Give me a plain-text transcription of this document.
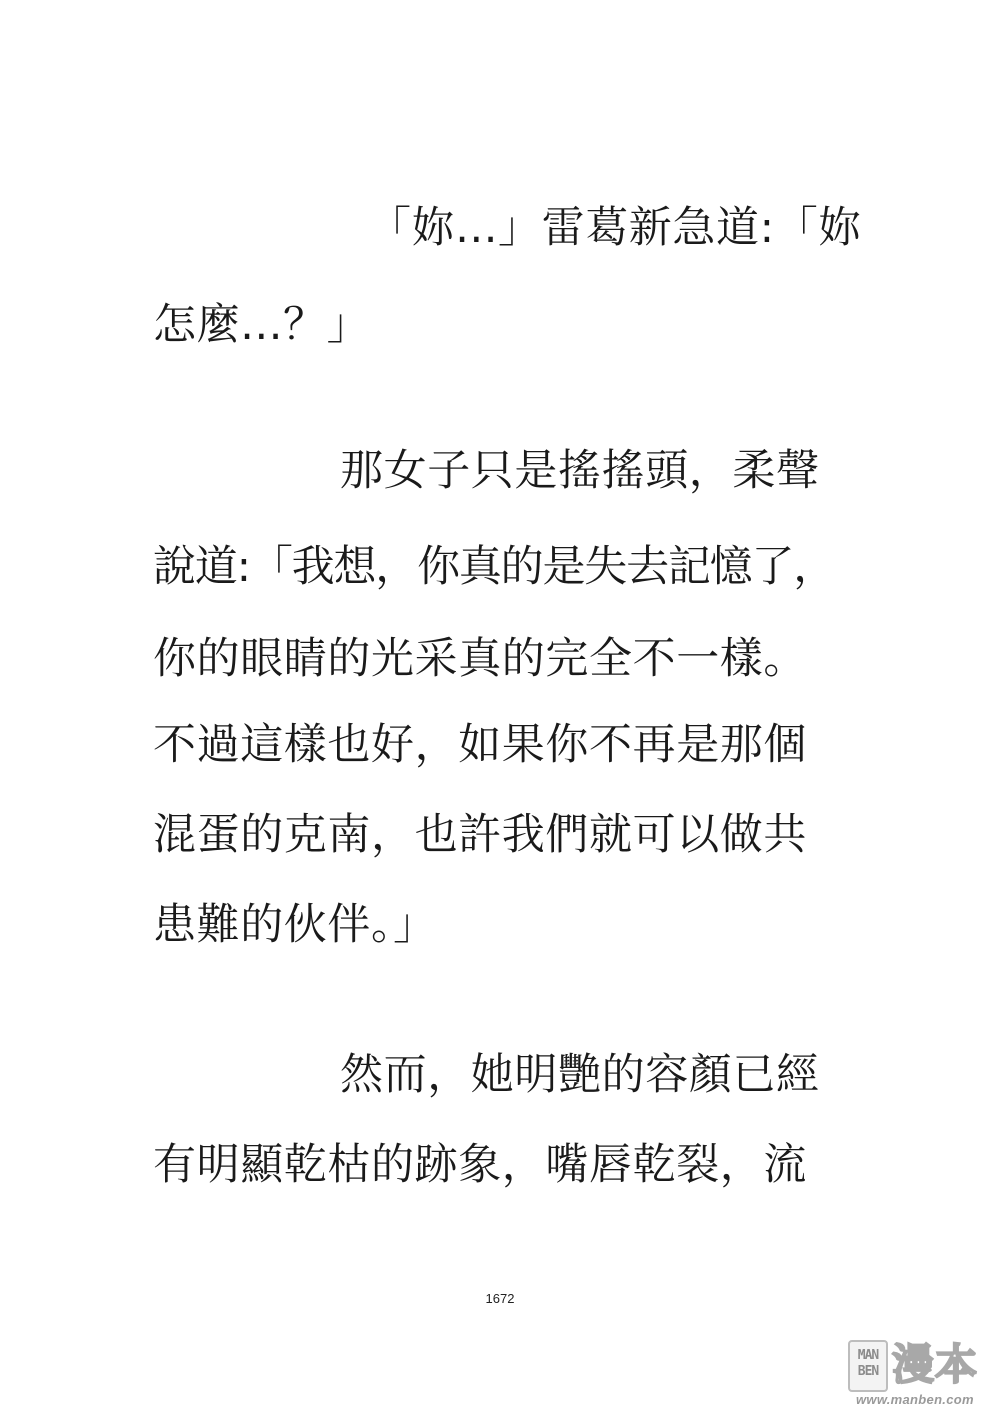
「妳...」雷葛新急道:「妳
怎麼...？」
那女子只是搖搖頭，柔聲
說道:「我想，你真的是失去記憶了，
你的眼睛的光采真的完全不一樣。
不過這樣也好，如果你不再是那個
混蛋的克南，也許我們就可以做共
患難的伙伴。」
然而，她明艷的容顏已經
有明顯乾枯的跡象，嘴唇乾裂，流
1672
MAN BEN 漫本
www.manben.com
